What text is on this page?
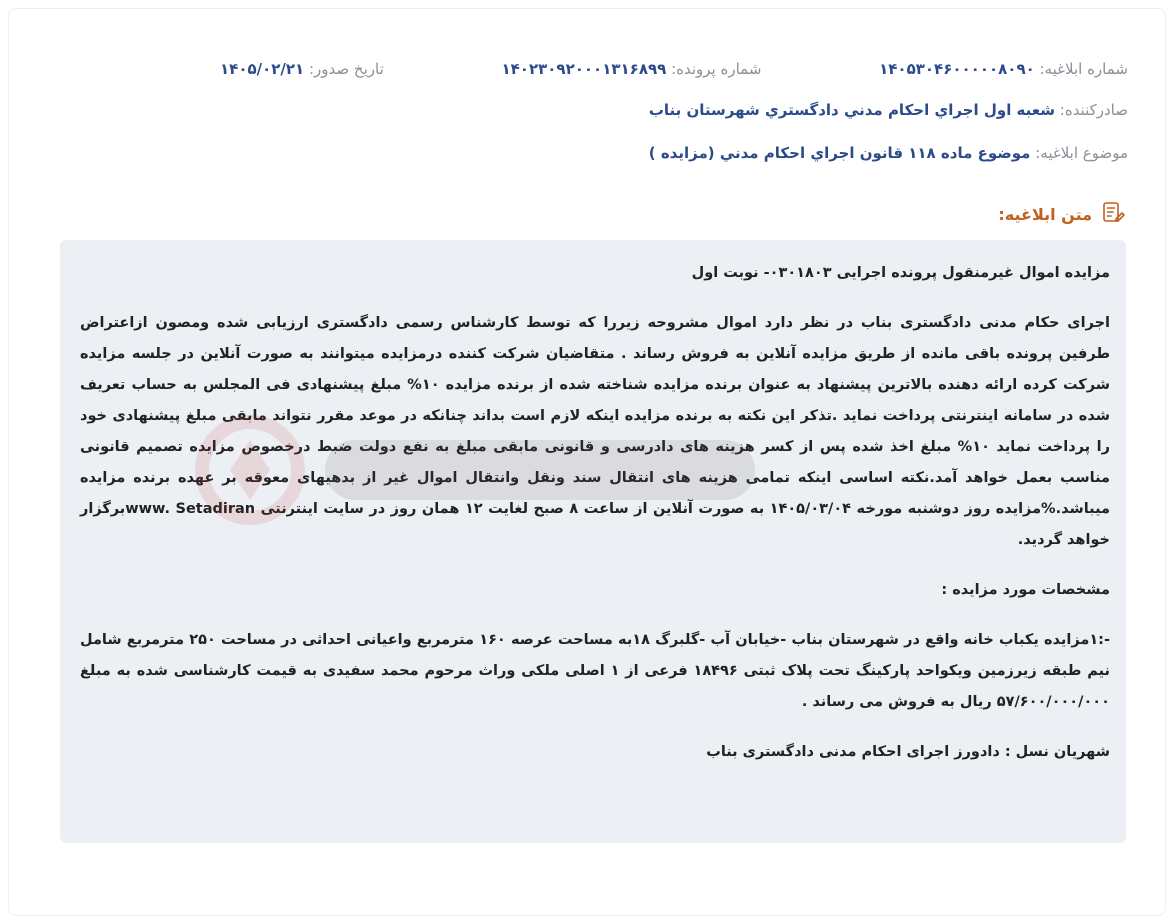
شماره ابلاغیه: ۱۴۰۵۳۰۴۶۰۰۰۰۰۸۰۹۰
شماره پرونده: ۱۴۰۲۳۰۹۲۰۰۰۱۳۱۶۸۹۹
تاریخ صدور: ۱۴۰۵/۰۲/۲۱
صادرکننده: شعبه اول اجراي احکام مدني دادگستري شهرستان بناب
موضوع ابلاغیه: موضوع ماده ۱۱۸ قانون اجراي احکام مدني (مزایده )
متن ابلاغیه:

مزایده اموال غیرمنقول پرونده اجرایی ۰۳۰۱۸۰۳- نوبت اول

اجرای حکام مدنی دادگستری بناب در نظر دارد اموال مشروحه زیررا که توسط کارشناس رسمی دادگستری ارزیابی شده ومصون ازاعتراض طرفین پرونده باقی مانده از طریق مزایده آنلاین به فروش رساند . متقاضیان شرکت کننده درمزایده میتوانند به صورت آنلاین در جلسه مزایده شرکت کرده ارائه دهنده بالاترین پیشنهاد به عنوان برنده مزایده شناخته شده از برنده مزایده ۱۰% مبلغ پیشنهادی فی المجلس به حساب تعریف شده در سامانه اینترنتی پرداخت نماید .تذکر این نکته به برنده مزایده اینکه لازم است بداند چنانکه در موعد مقرر نتواند مابقی مبلغ پیشنهادی خود را پرداخت نماید ۱۰% مبلغ اخذ شده پس از کسر هزینه های دادرسی و قانونی مابقی مبلغ به نفع دولت ضبط درخصوص مزایده تصمیم قانونی مناسب بعمل خواهد آمد.نکته اساسی اینکه تمامی هزینه های انتقال سند ونقل وانتقال اموال غیر از بدهیهای معوقه بر عهده برنده مزایده میباشد.%مزایده روز دوشنبه مورخه ۱۴۰۵/۰۳/۰۴ به صورت آنلاین از ساعت ۸ صبح لغایت ۱۲ همان روز در سایت اینترنتی www. Setadiranبرگزار خواهد گردید.

مشخصات مورد مزایده :

-:۱مزایده یکباب خانه واقع در شهرستان بناب -خیابان آب -گلبرگ ۱۸به مساحت عرصه ۱۶۰ مترمربع واعیانی احداثی در مساحت ۲۵۰ مترمربع شامل نیم طبقه زیرزمین ویکواحد پارکینگ تحت پلاک ثبتی ۱۸۴۹۶ فرعی از ۱ اصلی ملکی وراث مرحوم محمد سفیدی به قیمت کارشناسی شده به مبلغ ۵۷/۶۰۰/۰۰۰/۰۰۰ ریال به فروش می رساند .

شهریان نسل : دادورز اجرای احکام مدنی دادگستری بناب
